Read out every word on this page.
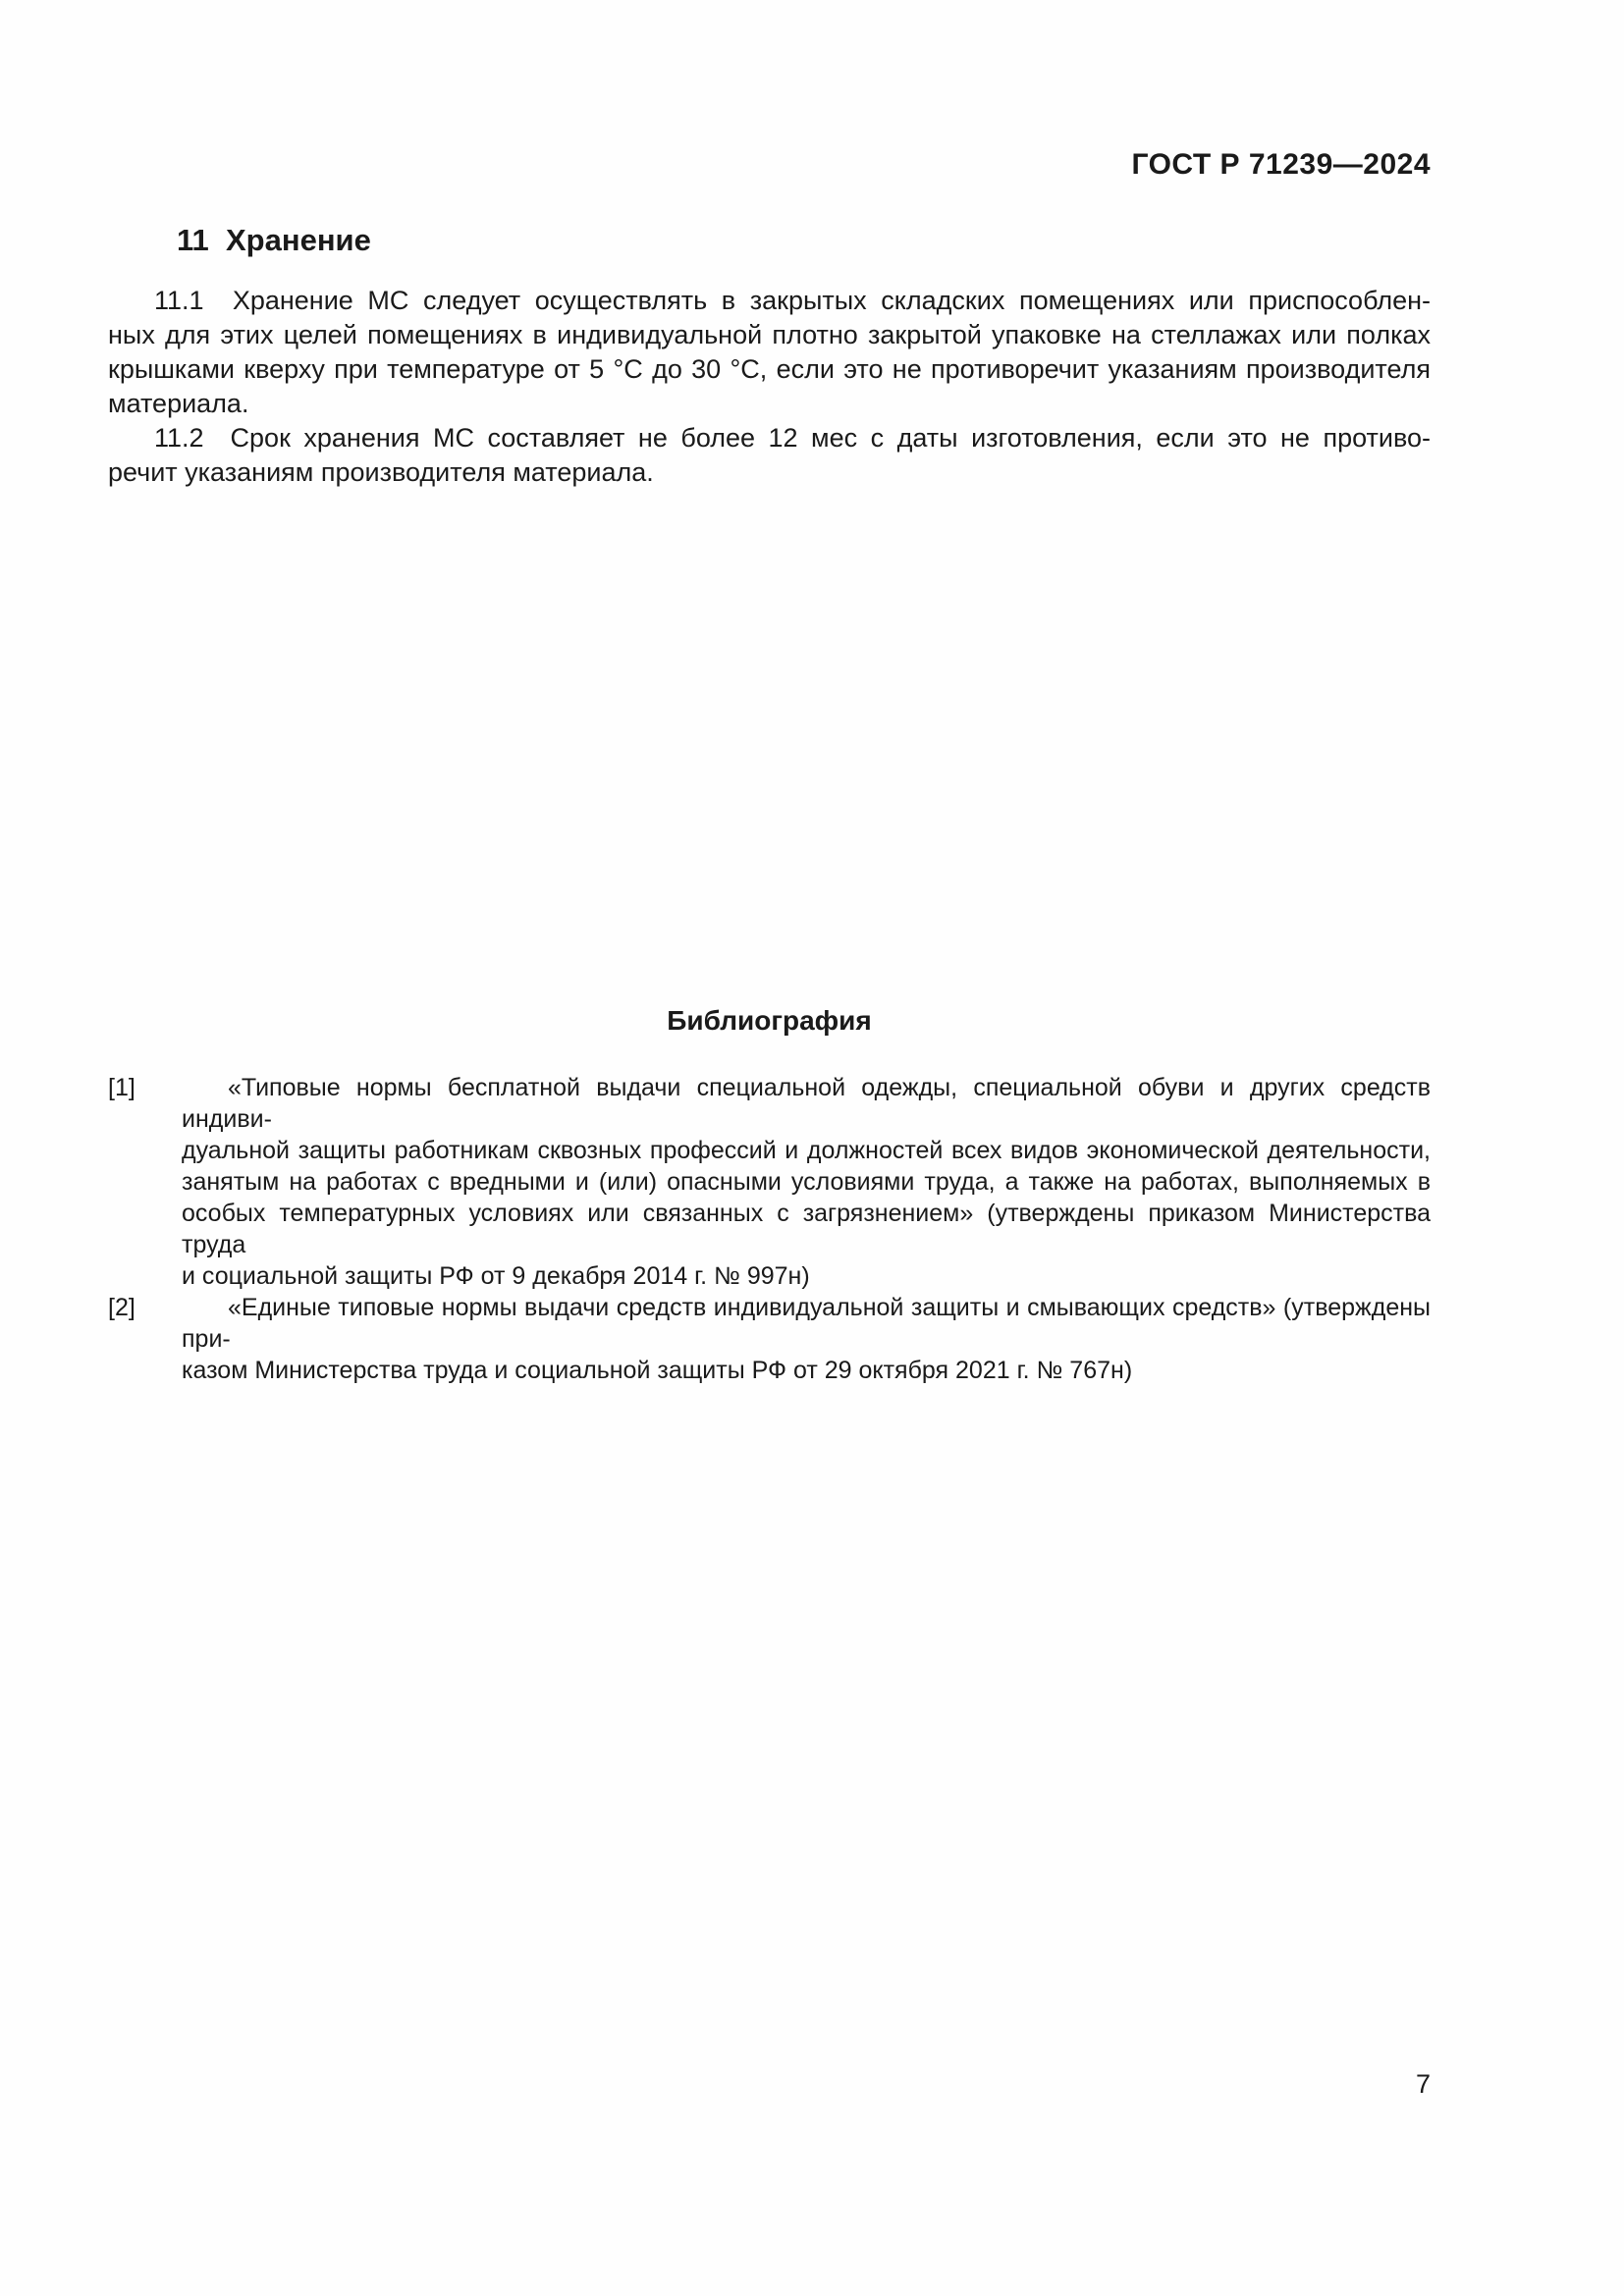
ГОСТ Р 71239—2024
11  Хранение
11.1  Хранение МС следует осуществлять в закрытых складских помещениях или приспособлен-
ных для этих целей помещениях в индивидуальной плотно закрытой упаковке на стеллажах или полках
крышками кверху при температуре от 5 °С до 30 °С, если это не противоречит указаниям производителя
материала.
11.2  Срок хранения МС составляет не более 12 мес с даты изготовления, если это не противо-
речит указаниям производителя материала.
Библиография
[1]	«Типовые нормы бесплатной выдачи специальной одежды, специальной обуви и других средств индиви-
дуальной защиты работникам сквозных профессий и должностей всех видов экономической деятельности,
занятым на работах с вредными и (или) опасными условиями труда, а также на работах, выполняемых в
особых температурных условиях или связанных с загрязнением» (утверждены приказом Министерства труда
и социальной защиты РФ от 9 декабря 2014 г. № 997н)
[2]	«Единые типовые нормы выдачи средств индивидуальной защиты и смывающих средств» (утверждены при-
казом Министерства труда и социальной защиты РФ от 29 октября 2021 г. № 767н)
7
